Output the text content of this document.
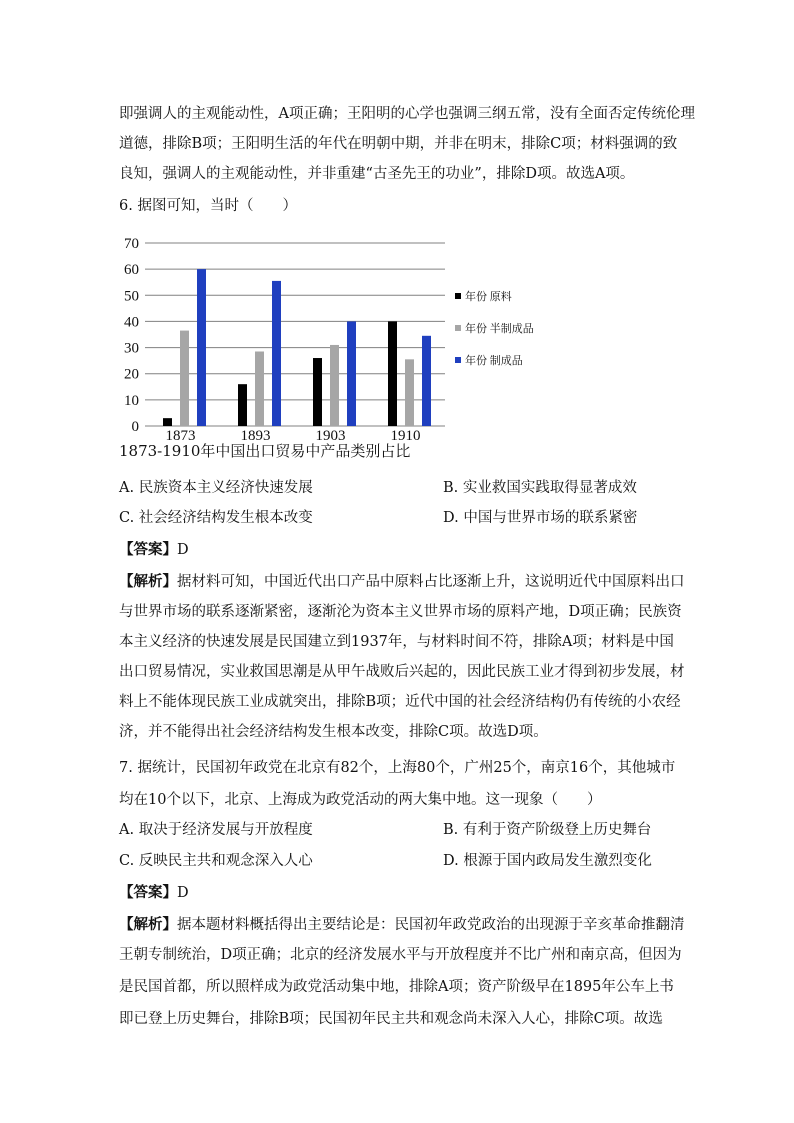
即强调人的主观能动性，A项正确；王阳明的心学也强调三纲五常，没有全面否定传统伦理
道德，排除B项；王阳明生活的年代在明朝中期，并非在明末，排除C项；材料强调的致
良知，强调人的主观能动性，并非重建“古圣先王的功业”，排除D项。故选A项。
6. 据图可知，当时（　　）
0
10
20
30
40
50
60
70
1873	1893	1903	1910
年份 原料
年份 半制成品
年份 制成品
1873-1910年中国出口贸易中产品类别占比
A. 民族资本主义经济快速发展	B. 实业救国实践取得显著成效
C. 社会经济结构发生根本改变	D. 中国与世界市场的联系紧密
【答案】D
【解析】据材料可知，中国近代出口产品中原料占比逐渐上升，这说明近代中国原料出口
与世界市场的联系逐渐紧密，逐渐沦为资本主义世界市场的原料产地，D项正确；民族资
本主义经济的快速发展是民国建立到1937年，与材料时间不符，排除A项；材料是中国
出口贸易情况，实业救国思潮是从甲午战败后兴起的，因此民族工业才得到初步发展，材
料上不能体现民族工业成就突出，排除B项；近代中国的社会经济结构仍有传统的小农经
济，并不能得出社会经济结构发生根本改变，排除C项。故选D项。
7. 据统计，民国初年政党在北京有82个，上海80个，广州25个，南京16个，其他城市
均在10个以下，北京、上海成为政党活动的两大集中地。这一现象（　　）
A. 取决于经济发展与开放程度	B. 有利于资产阶级登上历史舞台
C. 反映民主共和观念深入人心	D. 根源于国内政局发生激烈变化
【答案】D
【解析】据本题材料概括得出主要结论是：民国初年政党政治的出现源于辛亥革命推翻清
王朝专制统治，D项正确；北京的经济发展水平与开放程度并不比广州和南京高，但因为
是民国首都，所以照样成为政党活动集中地，排除A项；资产阶级早在1895年公车上书
即已登上历史舞台，排除B项；民国初年民主共和观念尚未深入人心，排除C项。故选
